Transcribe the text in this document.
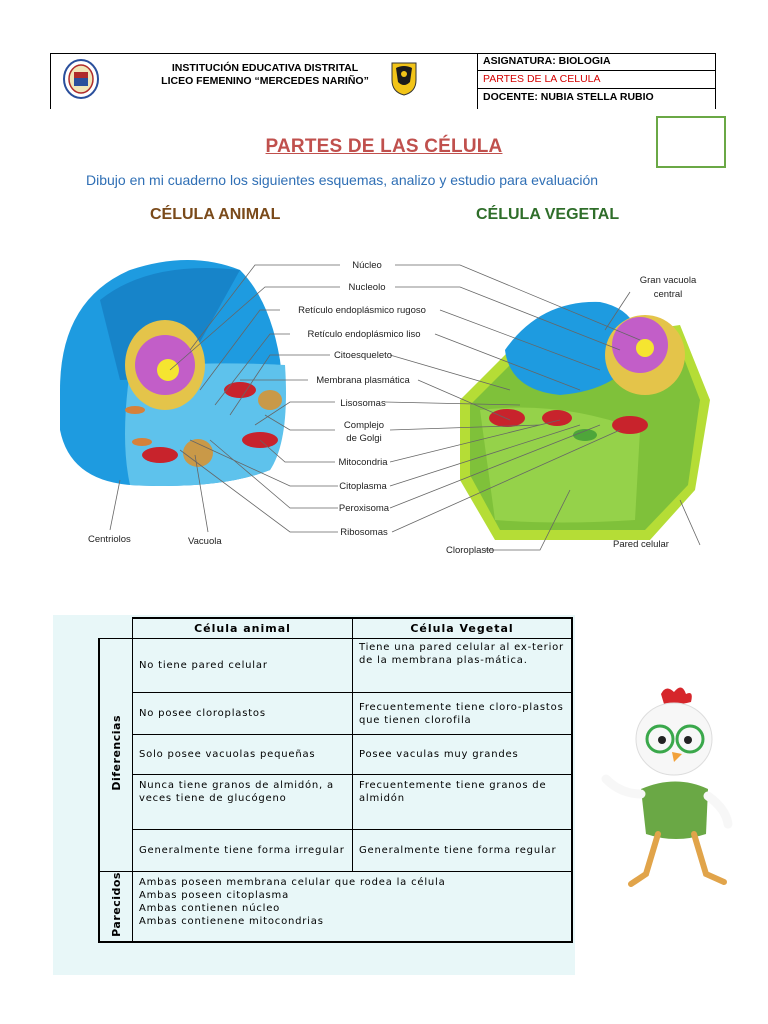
INSTITUCIÓN EDUCATIVA DISTRITAL
LICEO FEMENINO “MERCEDES NARIÑO”
ASIGNATURA: BIOLOGIA
PARTES DE LA CELULA
DOCENTE: NUBIA STELLA RUBIO
PARTES DE LAS CÉLULA
Dibujo en mi cuaderno los siguientes esquemas, analizo y estudio para evaluación
CÉLULA ANIMAL	CÉLULA VEGETAL
Núcleo
Nucleolo
Retículo endoplásmico rugoso
Retículo endoplásmico liso
Citoesqueleto
Membrana plasmática
Lisosomas
Complejo
de Golgi
Mitocondria
Citoplasma
Peroxisoma
Ribosomas
Centriolos	Vacuola
Gran vacuola
central
Cloroplasto
Pared celular
	Célula animal	Célula Vegetal
Diferencias	No tiene pared celular	Tiene una pared celular al ex-terior de la membrana plas-mática.
	No posee cloroplastos	Frecuentemente tiene cloro-plastos que tienen clorofila
	Solo posee vacuolas pequeñas	Posee vaculas muy grandes
	Nunca tiene granos de almidón, a veces tiene de glucógeno	Frecuentemente tiene granos de almidón
	Generalmente tiene forma irregular	Generalmente tiene forma regular
Parecidos	Ambas poseen membrana celular que rodea la célula
Ambas poseen citoplasma
Ambas contienen núcleo
Ambas contienene mitocondrias	
